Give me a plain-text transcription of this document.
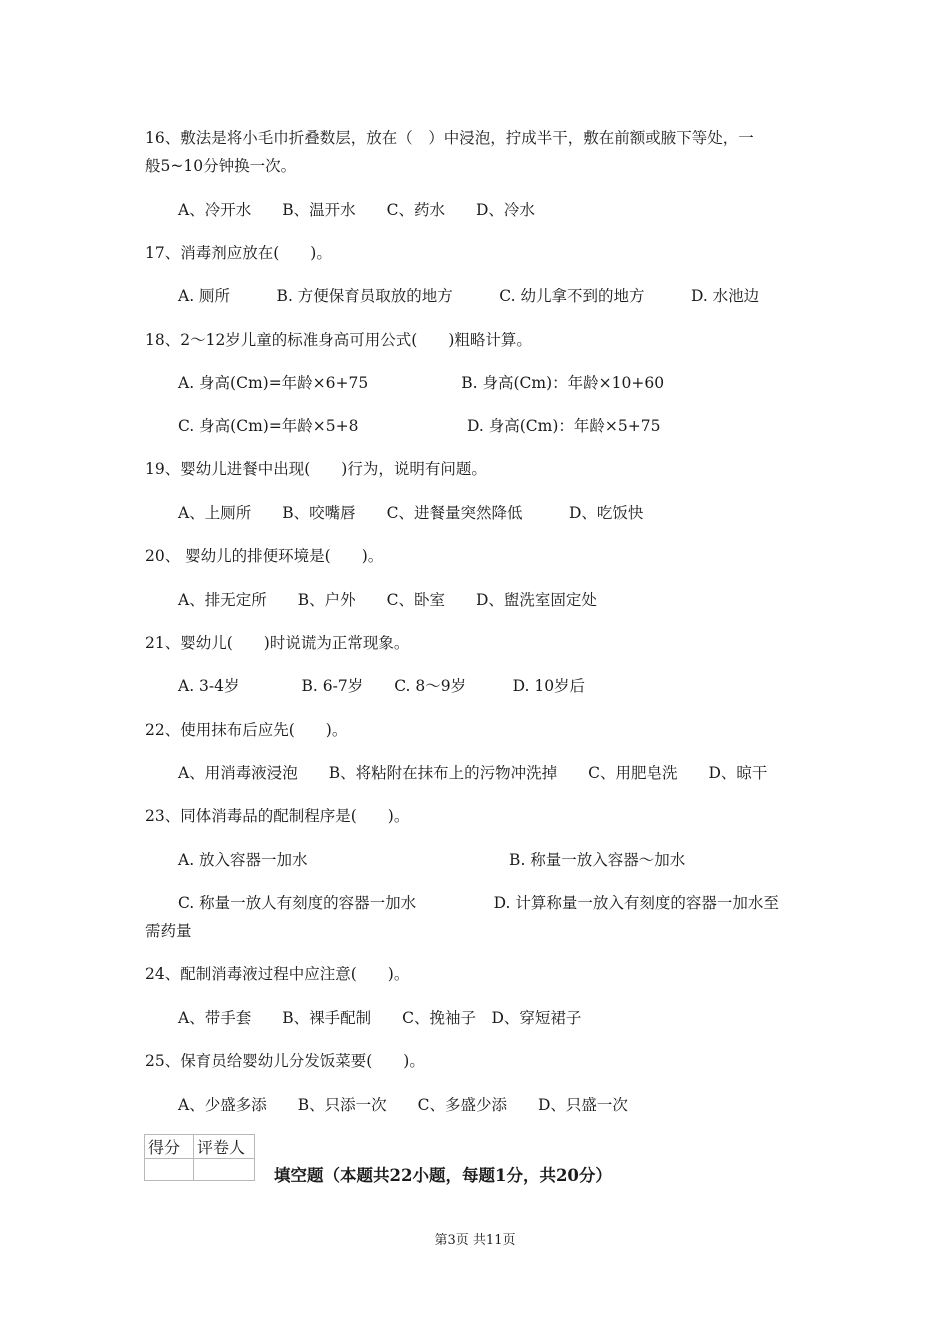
16、敷法是将小毛巾折叠数层，放在（　）中浸泡，拧成半干，敷在前额或腋下等处，一
般5~10分钟换一次。
A、冷开水　　B、温开水　　C、药水　　D、冷水
17、消毒剂应放在(　　)。
A. 厕所　　　B. 方便保育员取放的地方　　　C. 幼儿拿不到的地方　　　D. 水池边
18、2～12岁儿童的标准身高可用公式(　　)粗略计算。
A. 身高(Cm)=年龄×6+75　　　　　　B. 身高(Cm)：年龄×10+60
C. 身高(Cm)=年龄×5+8　　　　　　　D. 身高(Cm)：年龄×5+75
19、婴幼儿进餐中出现(　　)行为，说明有问题。
A、上厕所　　B、咬嘴唇　　C、进餐量突然降低　　　D、吃饭快
20、 婴幼儿的排便环境是(　　)。
A、排无定所　　B、户外　　C、卧室　　D、盥洗室固定处
21、婴幼儿(　　)时说谎为正常现象。
A. 3-4岁　　　　B. 6-7岁　　C. 8～9岁　　　D. 10岁后
22、使用抹布后应先(　　)。
A、用消毒液浸泡　　B、将粘附在抹布上的污物冲洗掉　　C、用肥皂洗　　D、晾干
23、同体消毒品的配制程序是(　　)。
A. 放入容器一加水　　　　　　　　　　　　　B. 称量一放入容器～加水
C. 称量一放人有刻度的容器一加水　　　　　D. 计算称量一放入有刻度的容器一加水至
需药量
24、配制消毒液过程中应注意(　　)。
A、带手套　　B、裸手配制　　C、挽袖子　D、穿短裙子
25、保育员给婴幼儿分发饭菜要(　　)。
A、少盛多添　　B、只添一次　　C、多盛少添　　D、只盛一次
得分	评卷人

填空题（本题共22小题，每题1分，共20分）
第3页 共11页
